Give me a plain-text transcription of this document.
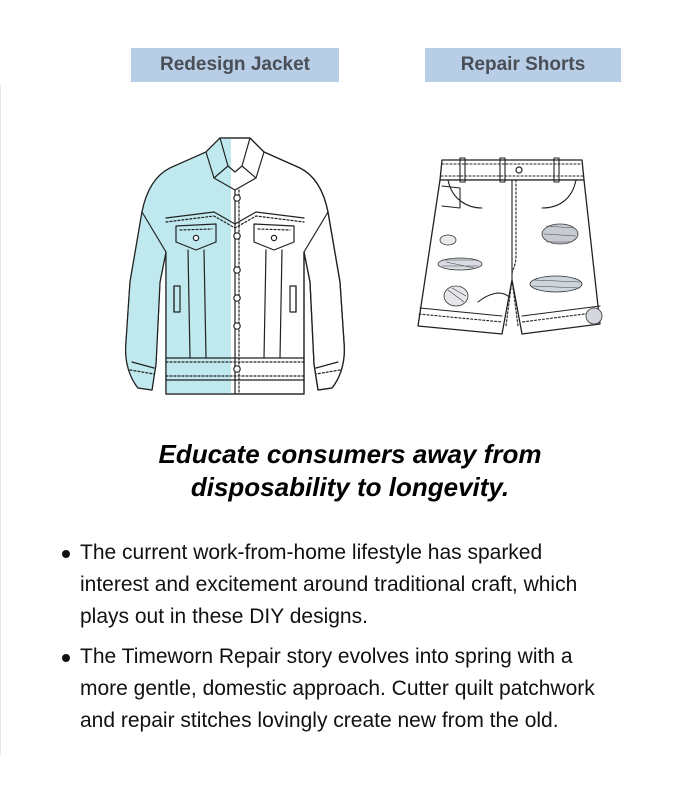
Redesign Jacket	Repair Shorts
Educate consumers away from
disposability to longevity.
The current work-from-home lifestyle has sparked
interest and excitement around traditional craft, which
plays out in these DIY designs.
The Timeworn Repair story evolves into spring with a
more gentle, domestic approach. Cutter quilt patchwork
and repair stitches lovingly create new from the old.
